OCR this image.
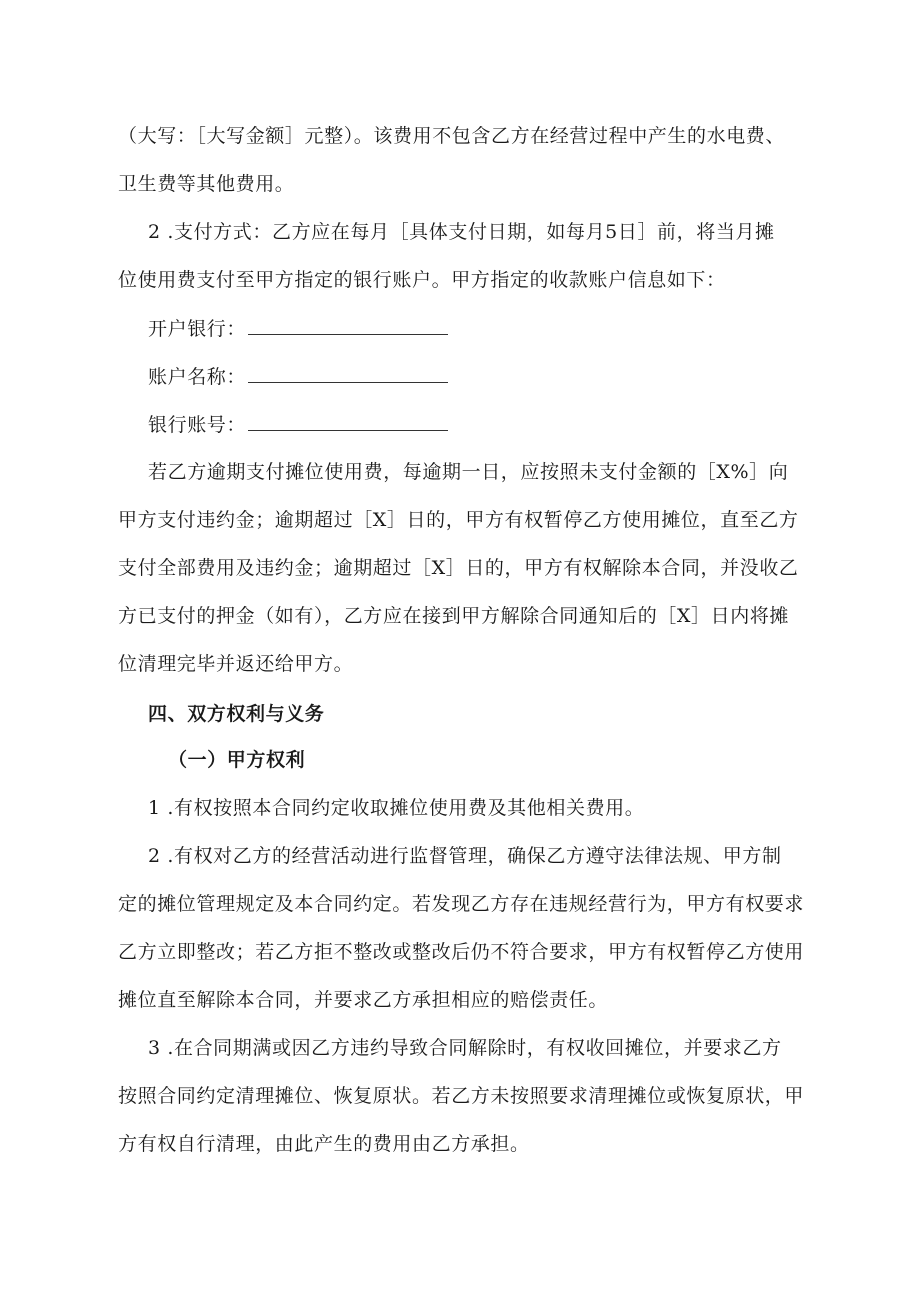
（大写：［大写金额］元整）。该费用不包含乙方在经营过程中产生的水电费、
卫生费等其他费用。
2 .支付方式：乙方应在每月［具体支付日期，如每月5日］前，将当月摊
位使用费支付至甲方指定的银行账户。甲方指定的收款账户信息如下：
开户银行：
账户名称：
银行账号：
若乙方逾期支付摊位使用费，每逾期一日，应按照未支付金额的［X%］向
甲方支付违约金；逾期超过［X］日的，甲方有权暂停乙方使用摊位，直至乙方
支付全部费用及违约金；逾期超过［X］日的，甲方有权解除本合同，并没收乙
方已支付的押金（如有），乙方应在接到甲方解除合同通知后的［X］日内将摊
位清理完毕并返还给甲方。
四、双方权利与义务
（一）甲方权利
1 .有权按照本合同约定收取摊位使用费及其他相关费用。
2 .有权对乙方的经营活动进行监督管理，确保乙方遵守法律法规、甲方制
定的摊位管理规定及本合同约定。若发现乙方存在违规经营行为，甲方有权要求
乙方立即整改；若乙方拒不整改或整改后仍不符合要求，甲方有权暂停乙方使用
摊位直至解除本合同，并要求乙方承担相应的赔偿责任。
3 .在合同期满或因乙方违约导致合同解除时，有权收回摊位，并要求乙方
按照合同约定清理摊位、恢复原状。若乙方未按照要求清理摊位或恢复原状，甲
方有权自行清理，由此产生的费用由乙方承担。
